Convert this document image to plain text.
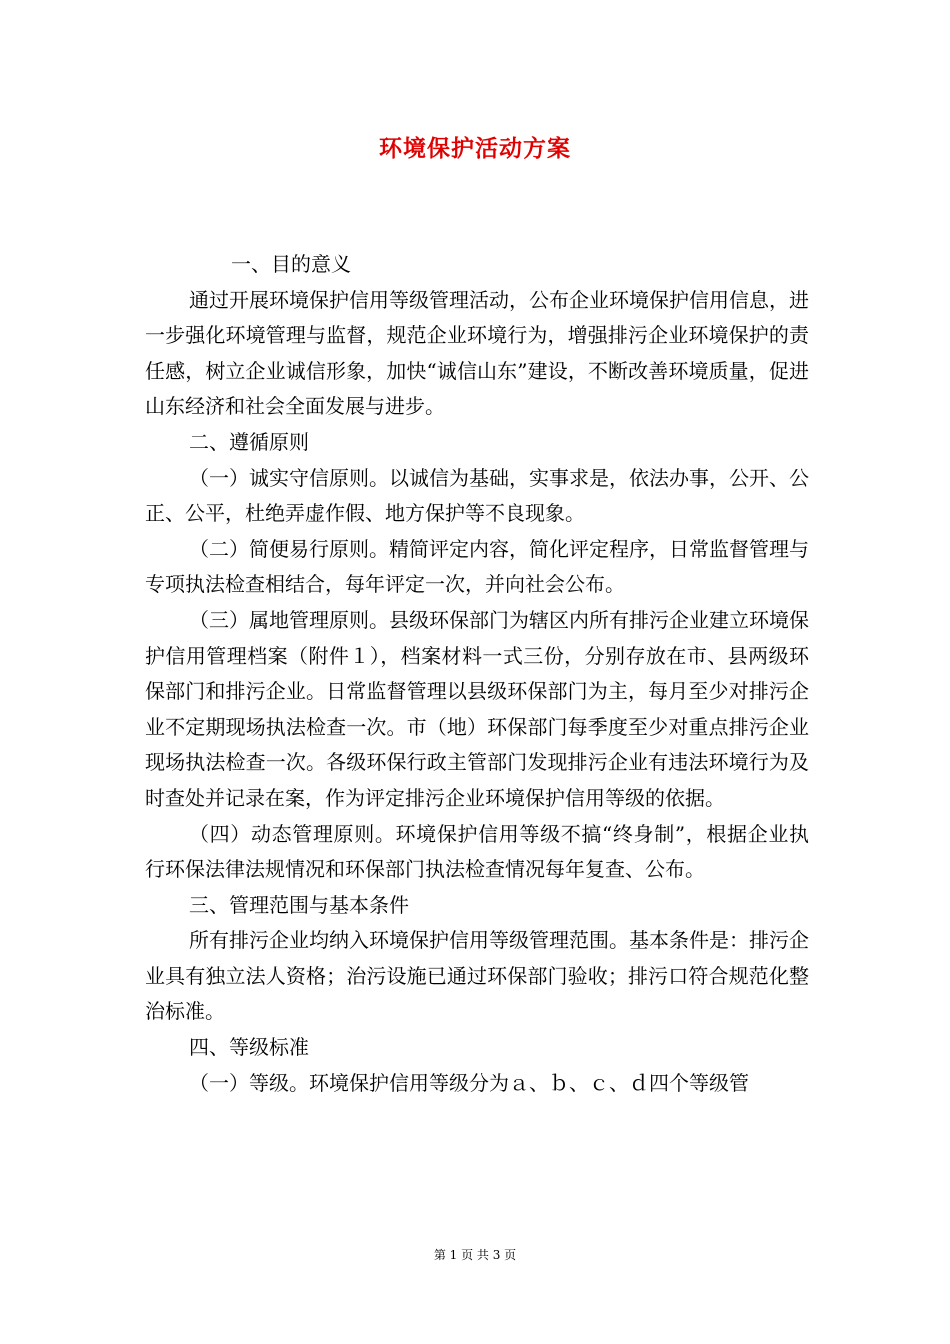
环境保护活动方案

一、目的意义

通过开展环境保护信用等级管理活动，公布企业环境保护信用信息，进一步强化环境管理与监督，规范企业环境行为，增强排污企业环境保护的责任感，树立企业诚信形象，加快“诚信山东”建设，不断改善环境质量，促进山东经济和社会全面发展与进步。

二、遵循原则

（一）诚实守信原则。以诚信为基础，实事求是，依法办事，公开、公正、公平，杜绝弄虚作假、地方保护等不良现象。

（二）简便易行原则。精简评定内容，简化评定程序，日常监督管理与专项执法检查相结合，每年评定一次，并向社会公布。

（三）属地管理原则。县级环保部门为辖区内所有排污企业建立环境保护信用管理档案（附件１），档案材料一式三份，分别存放在市、县两级环保部门和排污企业。日常监督管理以县级环保部门为主，每月至少对排污企业不定期现场执法检查一次。市（地）环保部门每季度至少对重点排污企业现场执法检查一次。各级环保行政主管部门发现排污企业有违法环境行为及时查处并记录在案，作为评定排污企业环境保护信用等级的依据。

（四）动态管理原则。环境保护信用等级不搞“终身制”，根据企业执行环保法律法规情况和环保部门执法检查情况每年复查、公布。

三、管理范围与基本条件

所有排污企业均纳入环境保护信用等级管理范围。基本条件是：排污企业具有独立法人资格；治污设施已通过环保部门验收；排污口符合规范化整治标准。

四、等级标准

（一）等级。环境保护信用等级分为ａ、ｂ、ｃ、ｄ四个等级管

第 1 页 共 3 页
